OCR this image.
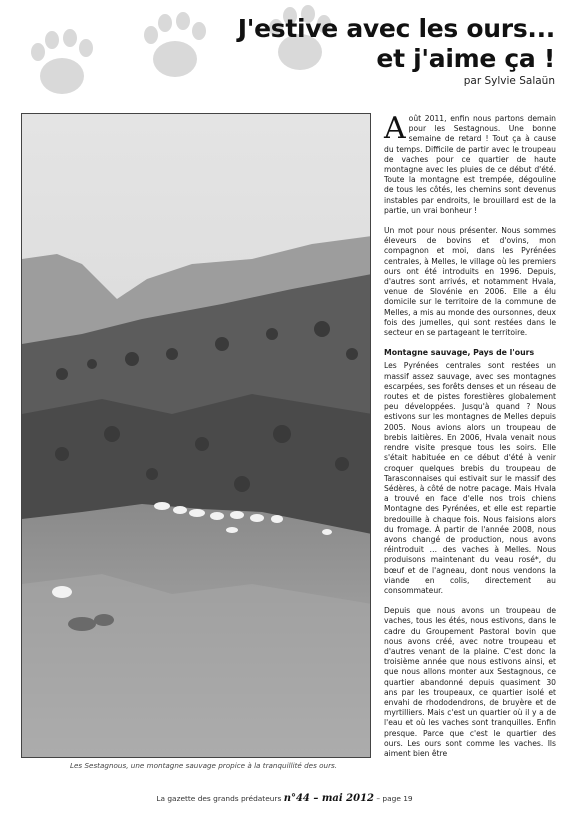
J'estive avec les ours...
et j'aime ça !
par Sylvie Salaün
Les Sestagnous, une montagne sauvage propice à la tranquillité des ours.
Août 2011, enfin nous partons demain pour les Sestagnous. Une bonne semaine de retard ! Tout ça à cause du temps. Difficile de partir avec le troupeau de vaches pour ce quartier de haute montagne avec les pluies de ce début d'été. Toute la montagne est trempée, dégouline de tous les côtés, les chemins sont devenus instables par endroits, le brouillard est de la partie, un vrai bonheur !
Un mot pour nous présenter. Nous sommes éleveurs de bovins et d'ovins, mon compagnon et moi, dans les Pyrénées centrales, à Melles, le village où les premiers ours ont été introduits en 1996. Depuis, d'autres sont arrivés, et notamment Hvala, venue de Slovénie en 2006. Elle a élu domicile sur le territoire de la commune de Melles, a mis au monde des oursonnes, deux fois des jumelles, qui sont restées dans le secteur en se partageant le territoire.
Montagne sauvage, Pays de l'ours
Les Pyrénées centrales sont restées un massif assez sauvage, avec ses montagnes escarpées, ses forêts denses et un réseau de routes et de pistes forestières globalement peu développées. Jusqu'à quand ? Nous estivons sur les montagnes de Melles depuis 2005. Nous avions alors un troupeau de brebis laitières. En 2006, Hvala venait nous rendre visite presque tous les soirs. Elle s'était habituée en ce début d'été à venir croquer quelques brebis du troupeau de Tarasconnaises qui estivait sur le massif des Sédères, à côté de notre pacage. Mais Hvala a trouvé en face d'elle nos trois chiens Montagne des Pyrénées, et elle est repartie bredouille à chaque fois. Nous faisions alors du fromage. À partir de l'année 2008, nous avons changé de production, nous avons réintroduit … des vaches à Melles. Nous produisons maintenant du veau rosé*, du bœuf et de l'agneau, dont nous vendons la viande en colis, directement au consommateur.
Depuis que nous avons un troupeau de vaches, tous les étés, nous estivons, dans le cadre du Groupement Pastoral bovin que nous avons créé, avec notre troupeau et d'autres venant de la plaine. C'est donc la troisième année que nous estivons ainsi, et que nous allons monter aux Sestagnous, ce quartier abandonné depuis quasiment 30 ans par les troupeaux, ce quartier isolé et envahi de rhododendrons, de bruyère et de myrtilliers. Mais c'est un quartier où il y a de l'eau et où les vaches sont tranquilles. Enfin presque. Parce que c'est le quartier des ours. Les ours sont comme les vaches. Ils aiment bien être
La gazette des grands prédateurs n°44 – mai 2012 – page 19
